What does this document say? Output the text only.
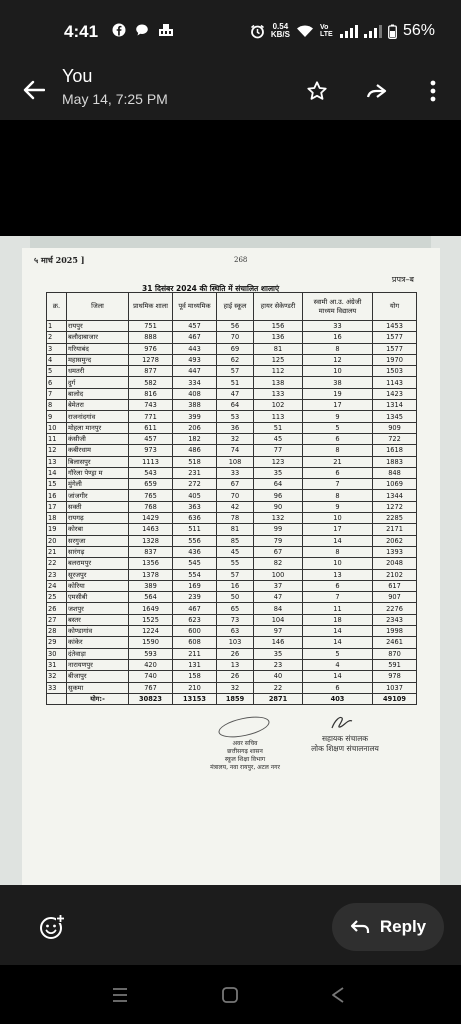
4:41	0.54
KB/S
Vo LTE	56%
You
May 14, 7:25 PM
५ मार्च 2025 ]	268
प्रपत्र–ब
31 दिसंबर 2024 की स्थिति में संचालित शालाएं
क्र.	जिला	प्राथमिक शाला	पूर्व माध्यमिक	हाई स्कूल	हायर सेकेण्डरी	स्वामी आ.उ. अंग्रेजी माध्यम विद्यालय	योग
1	रायपुर	751	457	56	156	33	1453
2	बलौदाबाजार	888	467	70	136	16	1577
3	गरियाबंद	976	443	69	81	8	1577
4	महासमुन्द	1278	493	62	125	12	1970
5	धमतरी	877	447	57	112	10	1503
6	दुर्ग	582	334	51	138	38	1143
7	बालोद	816	408	47	133	19	1423
8	बेमेतरा	743	388	64	102	17	1314
9	राजनांदगांव	771	399	53	113	9	1345
10	मोहला मानपुर	611	206	36	51	5	909
11	कंसीजी	457	182	32	45	6	722
12	कबीरधाम	973	486	74	77	8	1618
13	बिलासपुर	1113	518	108	123	21	1883
14	गौरेला पेण्ड्रा म	543	231	33	35	6	848
15	मुंगेली	659	272	67	64	7	1069
16	जांजगीर	765	405	70	96	8	1344
17	सक्ती	768	363	42	90	9	1272
18	रायगढ़	1429	636	78	132	10	2285
19	कोरबा	1463	511	81	99	17	2171
20	सरगुजा	1328	556	85	79	14	2062
21	सारंगढ़	837	436	45	67	8	1393
22	बलरामपुर	1356	545	55	82	10	2048
23	सूरजपुर	1378	554	57	100	13	2102
24	कोरिया	389	169	16	37	6	617
25	एमसीबी	564	239	50	47	7	907
26	जशपुर	1649	467	65	84	11	2276
27	बस्तर	1525	623	73	104	18	2343
28	कोण्डागांव	1224	600	63	97	14	1998
29	कांकेर	1590	608	103	146	14	2461
30	दंतेवाड़ा	593	211	26	35	5	870
31	नारायणपुर	420	131	13	23	4	591
32	बीजापुर	740	158	26	40	14	978
33	सुकमा	767	210	32	22	6	1037
	योग:-	30823	13153	1859	2871	403	49109
अवर सचिव
छत्तीसगढ़ शासन
स्कूल शिक्षा विभाग
मंत्रालय, नवा रायपुर, अटल नगर
सह‍ायक संचालक
लोक शिक्षण संचालनालय
Reply
